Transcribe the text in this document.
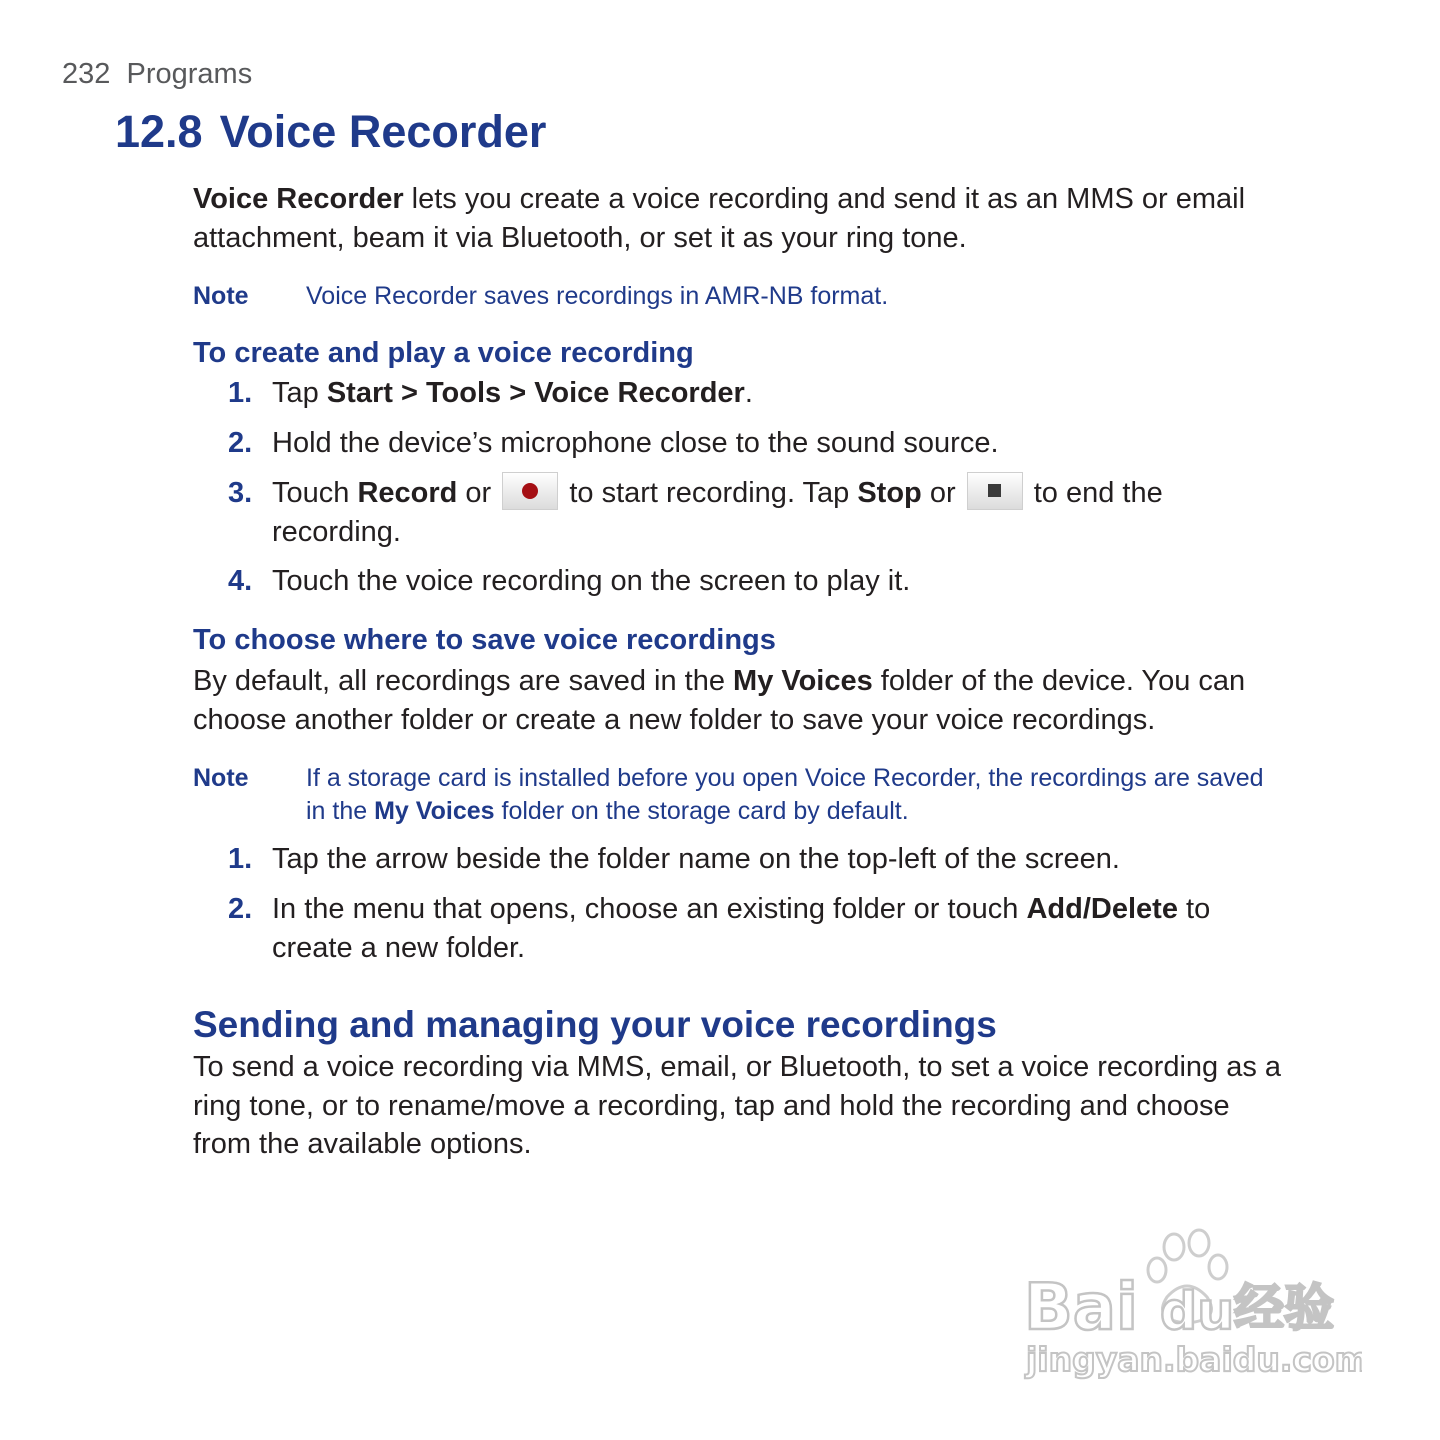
232 Programs
12.8 Voice Recorder
Voice Recorder lets you create a voice recording and send it as an MMS or email
attachment, beam it via Bluetooth, or set it as your ring tone.
Note Voice Recorder saves recordings in AMR-NB format.
To create and play a voice recording
1. Tap Start > Tools > Voice Recorder.
2. Hold the device’s microphone close to the sound source.
3. Touch Record or
to start recording. Tap Stop or
to end the
recording.
4. Touch the voice recording on the screen to play it.
To choose where to save voice recordings
By default, all recordings are saved in the My Voices folder of the device. You can
choose another folder or create a new folder to save your voice recordings.
Note If a storage card is installed before you open Voice Recorder, the recordings are saved
in the My Voices folder on the storage card by default.
1. Tap the arrow beside the folder name on the top-left of the screen.
2. In the menu that opens, choose an existing folder or touch Add/Delete to
create a new folder.
Sending and managing your voice recordings
To send a voice recording via MMS, email, or Bluetooth, to set a voice recording as a
ring tone, or to rename/move a recording, tap and hold the recording and choose
from the available options.
Bai du 经验
jingyan.baidu.com
